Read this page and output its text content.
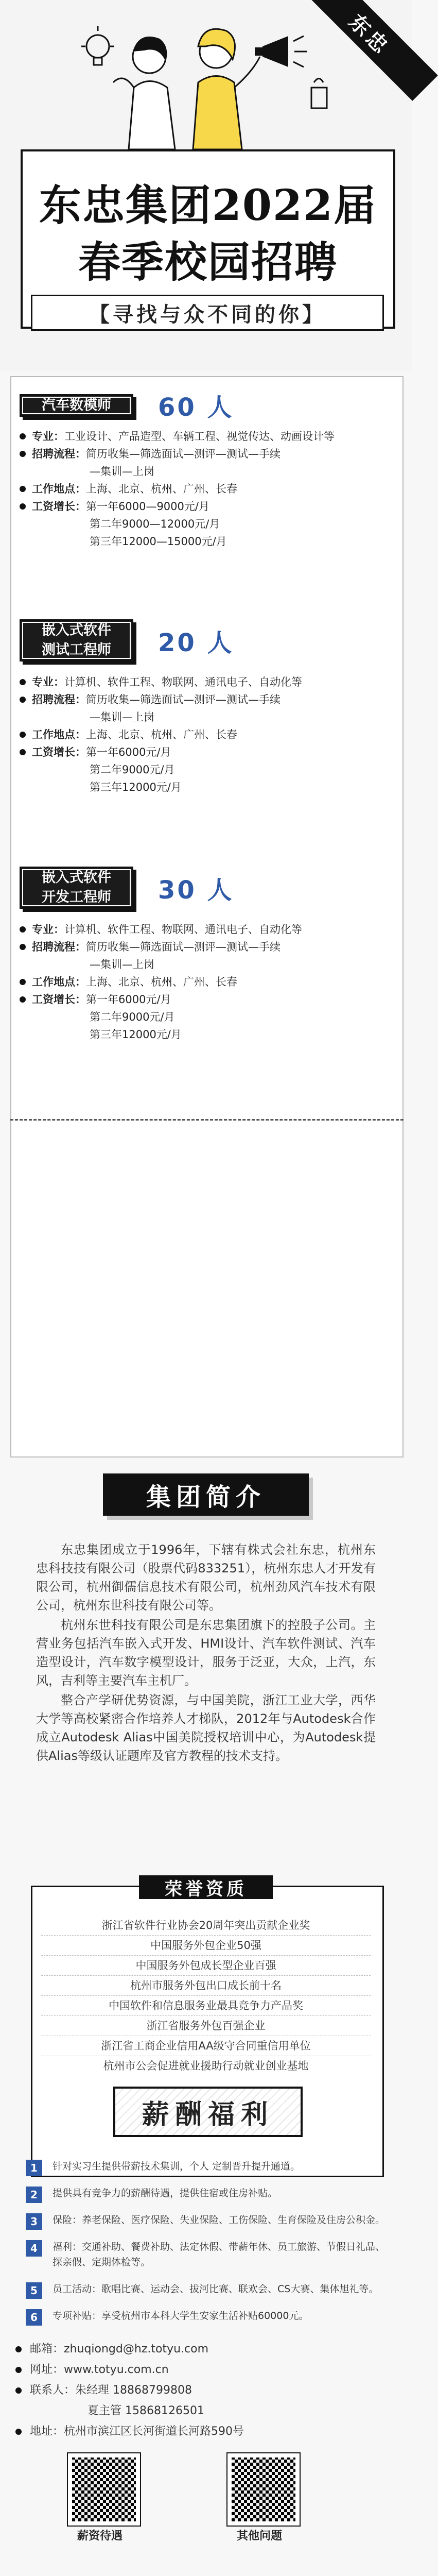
东忠
东忠集团2022届
春季校园招聘
【寻找与众不同的你】
汽车数模师	60 人
专业：工业设计、产品造型、车辆工程、视觉传达、动画设计等
招聘流程：简历收集—筛选面试—测评—测试—手续
—集训—上岗
工作地点：上海、北京、杭州、广州、长春
工资增长：第一年6000—9000元/月
第二年9000—12000元/月
第三年12000—15000元/月
嵌入式软件
测试工程师	20 人
专业：计算机、软件工程、物联网、通讯电子、自动化等
招聘流程：简历收集—筛选面试—测评—测试—手续
—集训—上岗
工作地点：上海、北京、杭州、广州、长春
工资增长：第一年6000元/月
第二年9000元/月
第三年12000元/月
嵌入式软件
开发工程师	30 人
专业：计算机、软件工程、物联网、通讯电子、自动化等
招聘流程：简历收集—筛选面试—测评—测试—手续
—集训—上岗
工作地点：上海、北京、杭州、广州、长春
工资增长：第一年6000元/月
第二年9000元/月
第三年12000元/月
集团简介

东忠集团成立于1996年，下辖有株式会社东忠，杭州东忠科技技有限公司（股票代码833251），杭州东忠人才开发有限公司，杭州御儒信息技术有限公司，杭州劲风汽车技术有限公司，杭州东世科技有限公司等。

杭州东世科技有限公司是东忠集团旗下的控股子公司。主营业务包括汽车嵌入式开发、HMI设计、汽车软件测试、汽车造型设计，汽车数字模型设计，服务于泛亚，大众，上汽，东风，吉利等主要汽车主机厂。

整合产学研优势资源，与中国美院，浙江工业大学，西华大学等高校紧密合作培养人才梯队，2012年与Autodesk合作成立Autodesk Alias中国美院授权培训中心，为Autodesk提供Alias等级认证题库及官方教程的技术支持。

荣誉资质
浙江省软件行业协会20周年突出贡献企业奖
中国服务外包企业50强
中国服务外包成长型企业百强
杭州市服务外包出口成长前十名
中国软件和信息服务业最具竞争力产品奖
浙江省服务外包百强企业
浙江省工商企业信用AA级守合同重信用单位
杭州市公会促进就业援助行动就业创业基地
薪酬福利
1	针对实习生提供带薪技术集训，个人 定制晋升提升通道。
2	提供具有竞争力的薪酬待遇，提供住宿或住房补贴。
3	保险：养老保险、医疗保险、失业保险、工伤保险、生育保险及住房公积金。
4	福利：交通补助、餐费补助、法定休假、带薪年休、员工旅游、节假日礼品、探亲假、定期体检等。
5	员工活动：歌唱比赛、运动会、拔河比赛、联欢会、CS大赛、集体旭礼等。
6	专项补贴：享受杭州市本科大学生安家生活补贴60000元。
邮箱：zhuqiongd@hz.totyu.com
网址：www.totyu.com.cn
联系人：朱经理 18868799808
夏主管 15868126501
地址：杭州市滨江区长河街道长河路590号
薪资待遇	其他问题
